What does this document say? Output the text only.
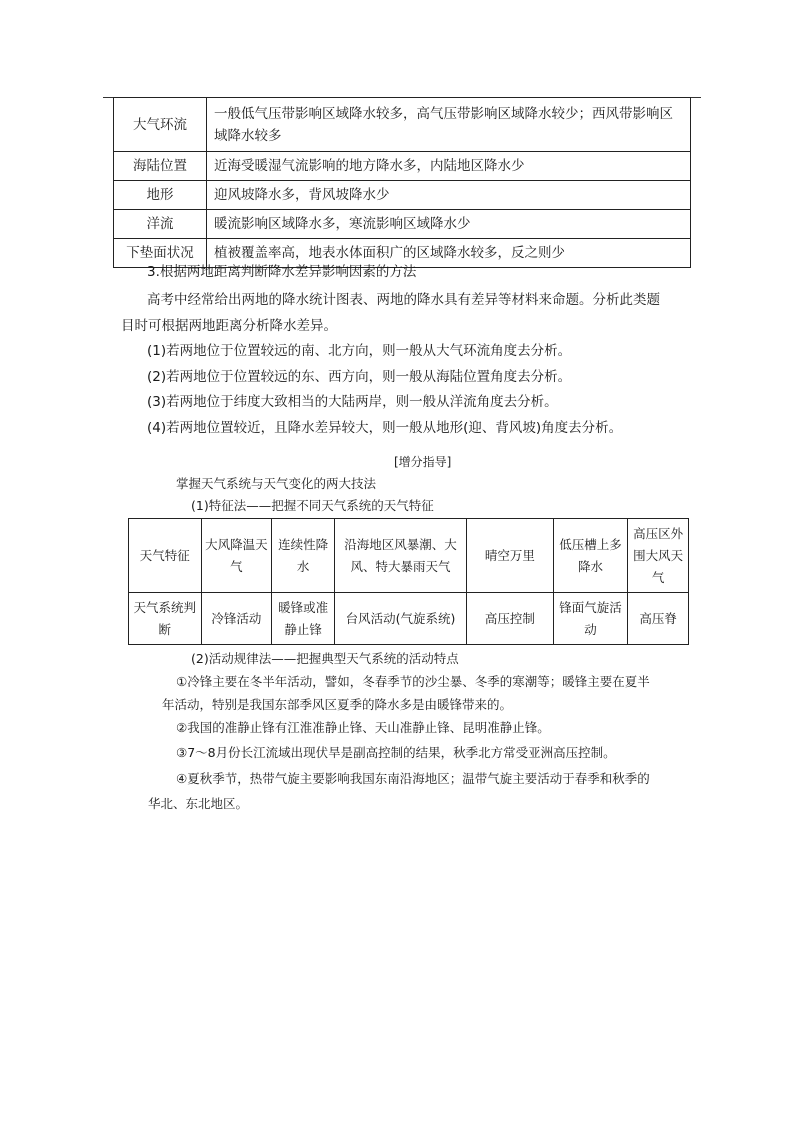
大气环流	一般低气压带影响区域降水较多，高气压带影响区域降水较少；西风带影响区域降水较多
海陆位置	近海受暖湿气流影响的地方降水多，内陆地区降水少
地形	迎风坡降水多，背风坡降水少
洋流	暖流影响区域降水多，寒流影响区域降水少
下垫面状况	植被覆盖率高，地表水体面积广的区域降水较多，反之则少
3.根据两地距离判断降水差异影响因素的方法
高考中经常给出两地的降水统计图表、两地的降水具有差异等材料来命题。分析此类题
目时可根据两地距离分析降水差异。
(1)若两地位于位置较远的南、北方向，则一般从大气环流角度去分析。
(2)若两地位于位置较远的东、西方向，则一般从海陆位置角度去分析。
(3)若两地位于纬度大致相当的大陆两岸，则一般从洋流角度去分析。
(4)若两地位置较近，且降水差异较大，则一般从地形(迎、背风坡)角度去分析。
[增分指导]
掌握天气系统与天气变化的两大技法
(1)特征法——把握不同天气系统的天气特征
天气特征	大风降温天气	连续性降水	沿海地区风暴潮、大风、特大暴雨天气	晴空万里	低压槽上多降水	高压区外围大风天气
天气系统判断	冷锋活动	暖锋或准静止锋	台风活动(气旋系统)	高压控制	锋面气旋活动	高压脊
(2)活动规律法——把握典型天气系统的活动特点
①冷锋主要在冬半年活动，譬如，冬春季节的沙尘暴、冬季的寒潮等；暖锋主要在夏半
年活动，特别是我国东部季风区夏季的降水多是由暖锋带来的。
②我国的准静止锋有江淮准静止锋、天山准静止锋、昆明准静止锋。
③7～8月份长江流域出现伏旱是副高控制的结果，秋季北方常受亚洲高压控制。
④夏秋季节，热带气旋主要影响我国东南沿海地区；温带气旋主要活动于春季和秋季的
华北、东北地区。
